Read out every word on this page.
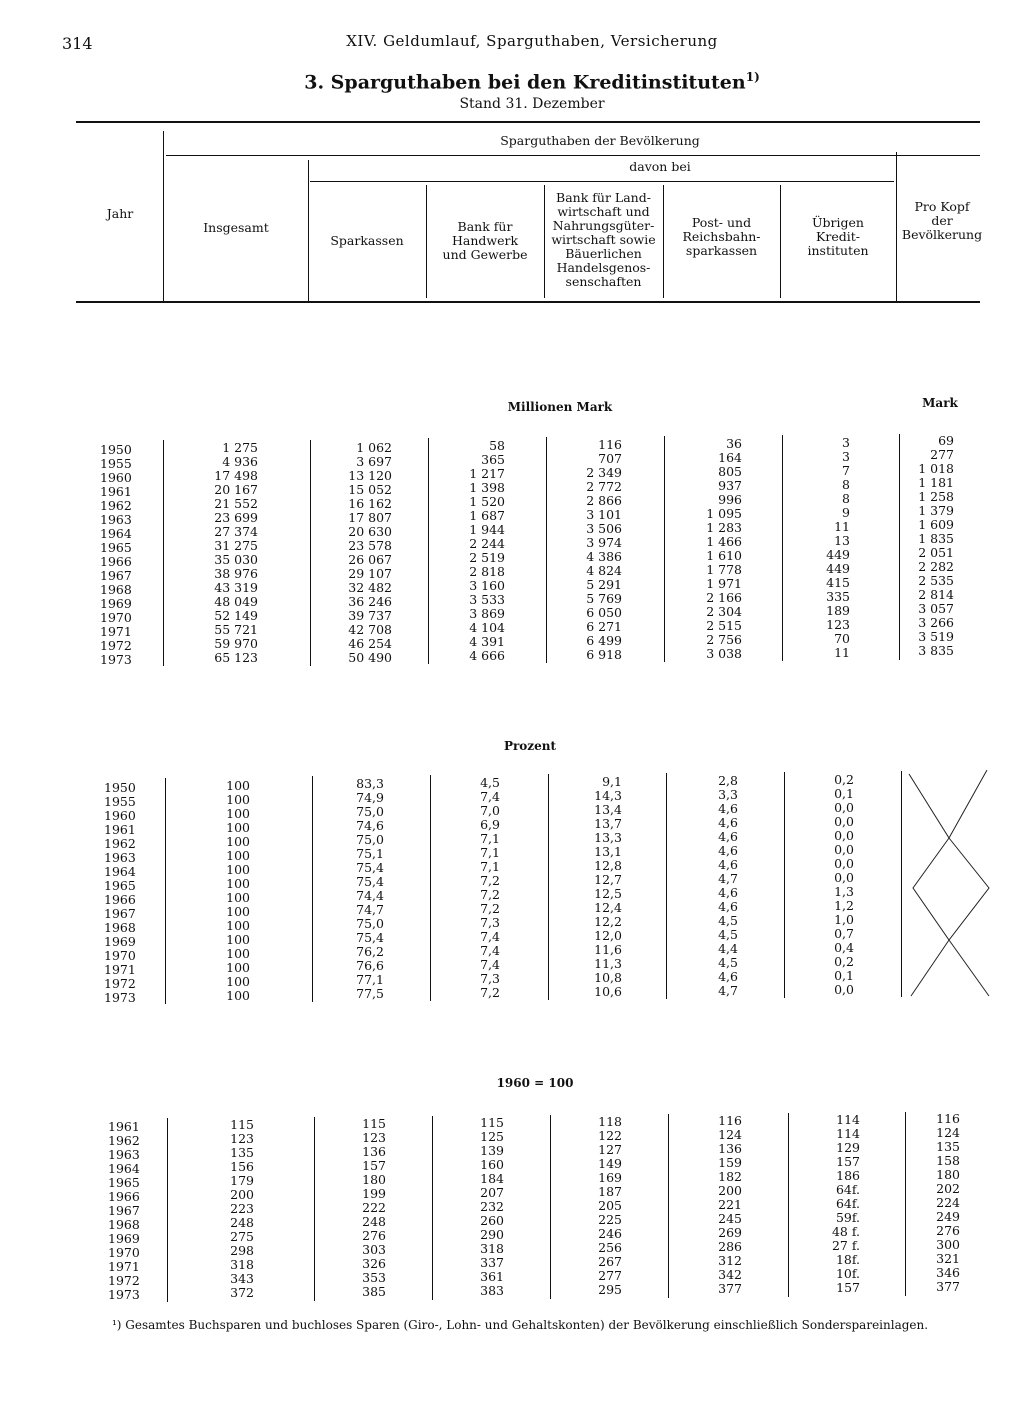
314	XIV. Geldumlauf, Sparguthaben, Versicherung
3. Sparguthaben bei den Kreditinstituten$^{1)}$
Stand 31. Dezember
Jahr
Sparguthaben der Bevölkerung
davon bei
Insgesamt
Sparkassen
Bank für
Handwerk
und Gewerbe
Bank für Land-
wirtschaft und
Nahrungsgüter-
wirtschaft sowie
Bäuerlichen
Handelsgenos-
senschaften
Post- und
Reichsbahn-
sparkassen
Übrigen
Kredit-
instituten
Pro Kopf
der
Bevölkerung
Millionen Mark	Mark
1950
1955
1960
1961
1962
1963
1964
1965
1966
1967
1968
1969
1970
1971
1972
1973
1 275
4 936
17 498
20 167
21 552
23 699
27 374
31 275
35 030
38 976
43 319
48 049
52 149
55 721
59 970
65 123
1 062
3 697
13 120
15 052
16 162
17 807
20 630
23 578
26 067
29 107
32 482
36 246
39 737
42 708
46 254
50 490
58
365
1 217
1 398
1 520
1 687
1 944
2 244
2 519
2 818
3 160
3 533
3 869
4 104
4 391
4 666
116
707
2 349
2 772
2 866
3 101
3 506
3 974
4 386
4 824
5 291
5 769
6 050
6 271
6 499
6 918
36
164
805
937
996
1 095
1 283
1 466
1 610
1 778
1 971
2 166
2 304
2 515
2 756
3 038
3
3
7
8
8
9
11
13
449
449
415
335
189
123
70
11
69
277
1 018
1 181
1 258
1 379
1 609
1 835
2 051
2 282
2 535
2 814
3 057
3 266
3 519
3 835
Prozent
1950
1955
1960
1961
1962
1963
1964
1965
1966
1967
1968
1969
1970
1971
1972
1973
100
100
100
100
100
100
100
100
100
100
100
100
100
100
100
100
83,3
74,9
75,0
74,6
75,0
75,1
75,4
75,4
74,4
74,7
75,0
75,4
76,2
76,6
77,1
77,5
4,5
7,4
7,0
6,9
7,1
7,1
7,1
7,2
7,2
7,2
7,3
7,4
7,4
7,4
7,3
7,2
9,1
14,3
13,4
13,7
13,3
13,1
12,8
12,7
12,5
12,4
12,2
12,0
11,6
11,3
10,8
10,6
2,8
3,3
4,6
4,6
4,6
4,6
4,6
4,7
4,6
4,6
4,5
4,5
4,4
4,5
4,6
4,7
0,2
0,1
0,0
0,0
0,0
0,0
0,0
0,0
1,3
1,2
1,0
0,7
0,4
0,2
0,1
0,0
1960 = 100
1961
1962
1963
1964
1965
1966
1967
1968
1969
1970
1971
1972
1973
115
123
135
156
179
200
223
248
275
298
318
343
372
115
123
136
157
180
199
222
248
276
303
326
353
385
115
125
139
160
184
207
232
260
290
318
337
361
383
118
122
127
149
169
187
205
225
246
256
267
277
295
116
124
136
159
182
200
221
245
269
286
312
342
377
114
114
129
157
186
64f.
64f.
59f.
48 f.
27 f.
18f.
10f.
157
116
124
135
158
180
202
224
249
276
300
321
346
377
¹) Gesamtes Buchsparen und buchloses Sparen (Giro-, Lohn- und Gehaltskonten) der Bevölkerung einschließlich Sonderspareinlagen.
